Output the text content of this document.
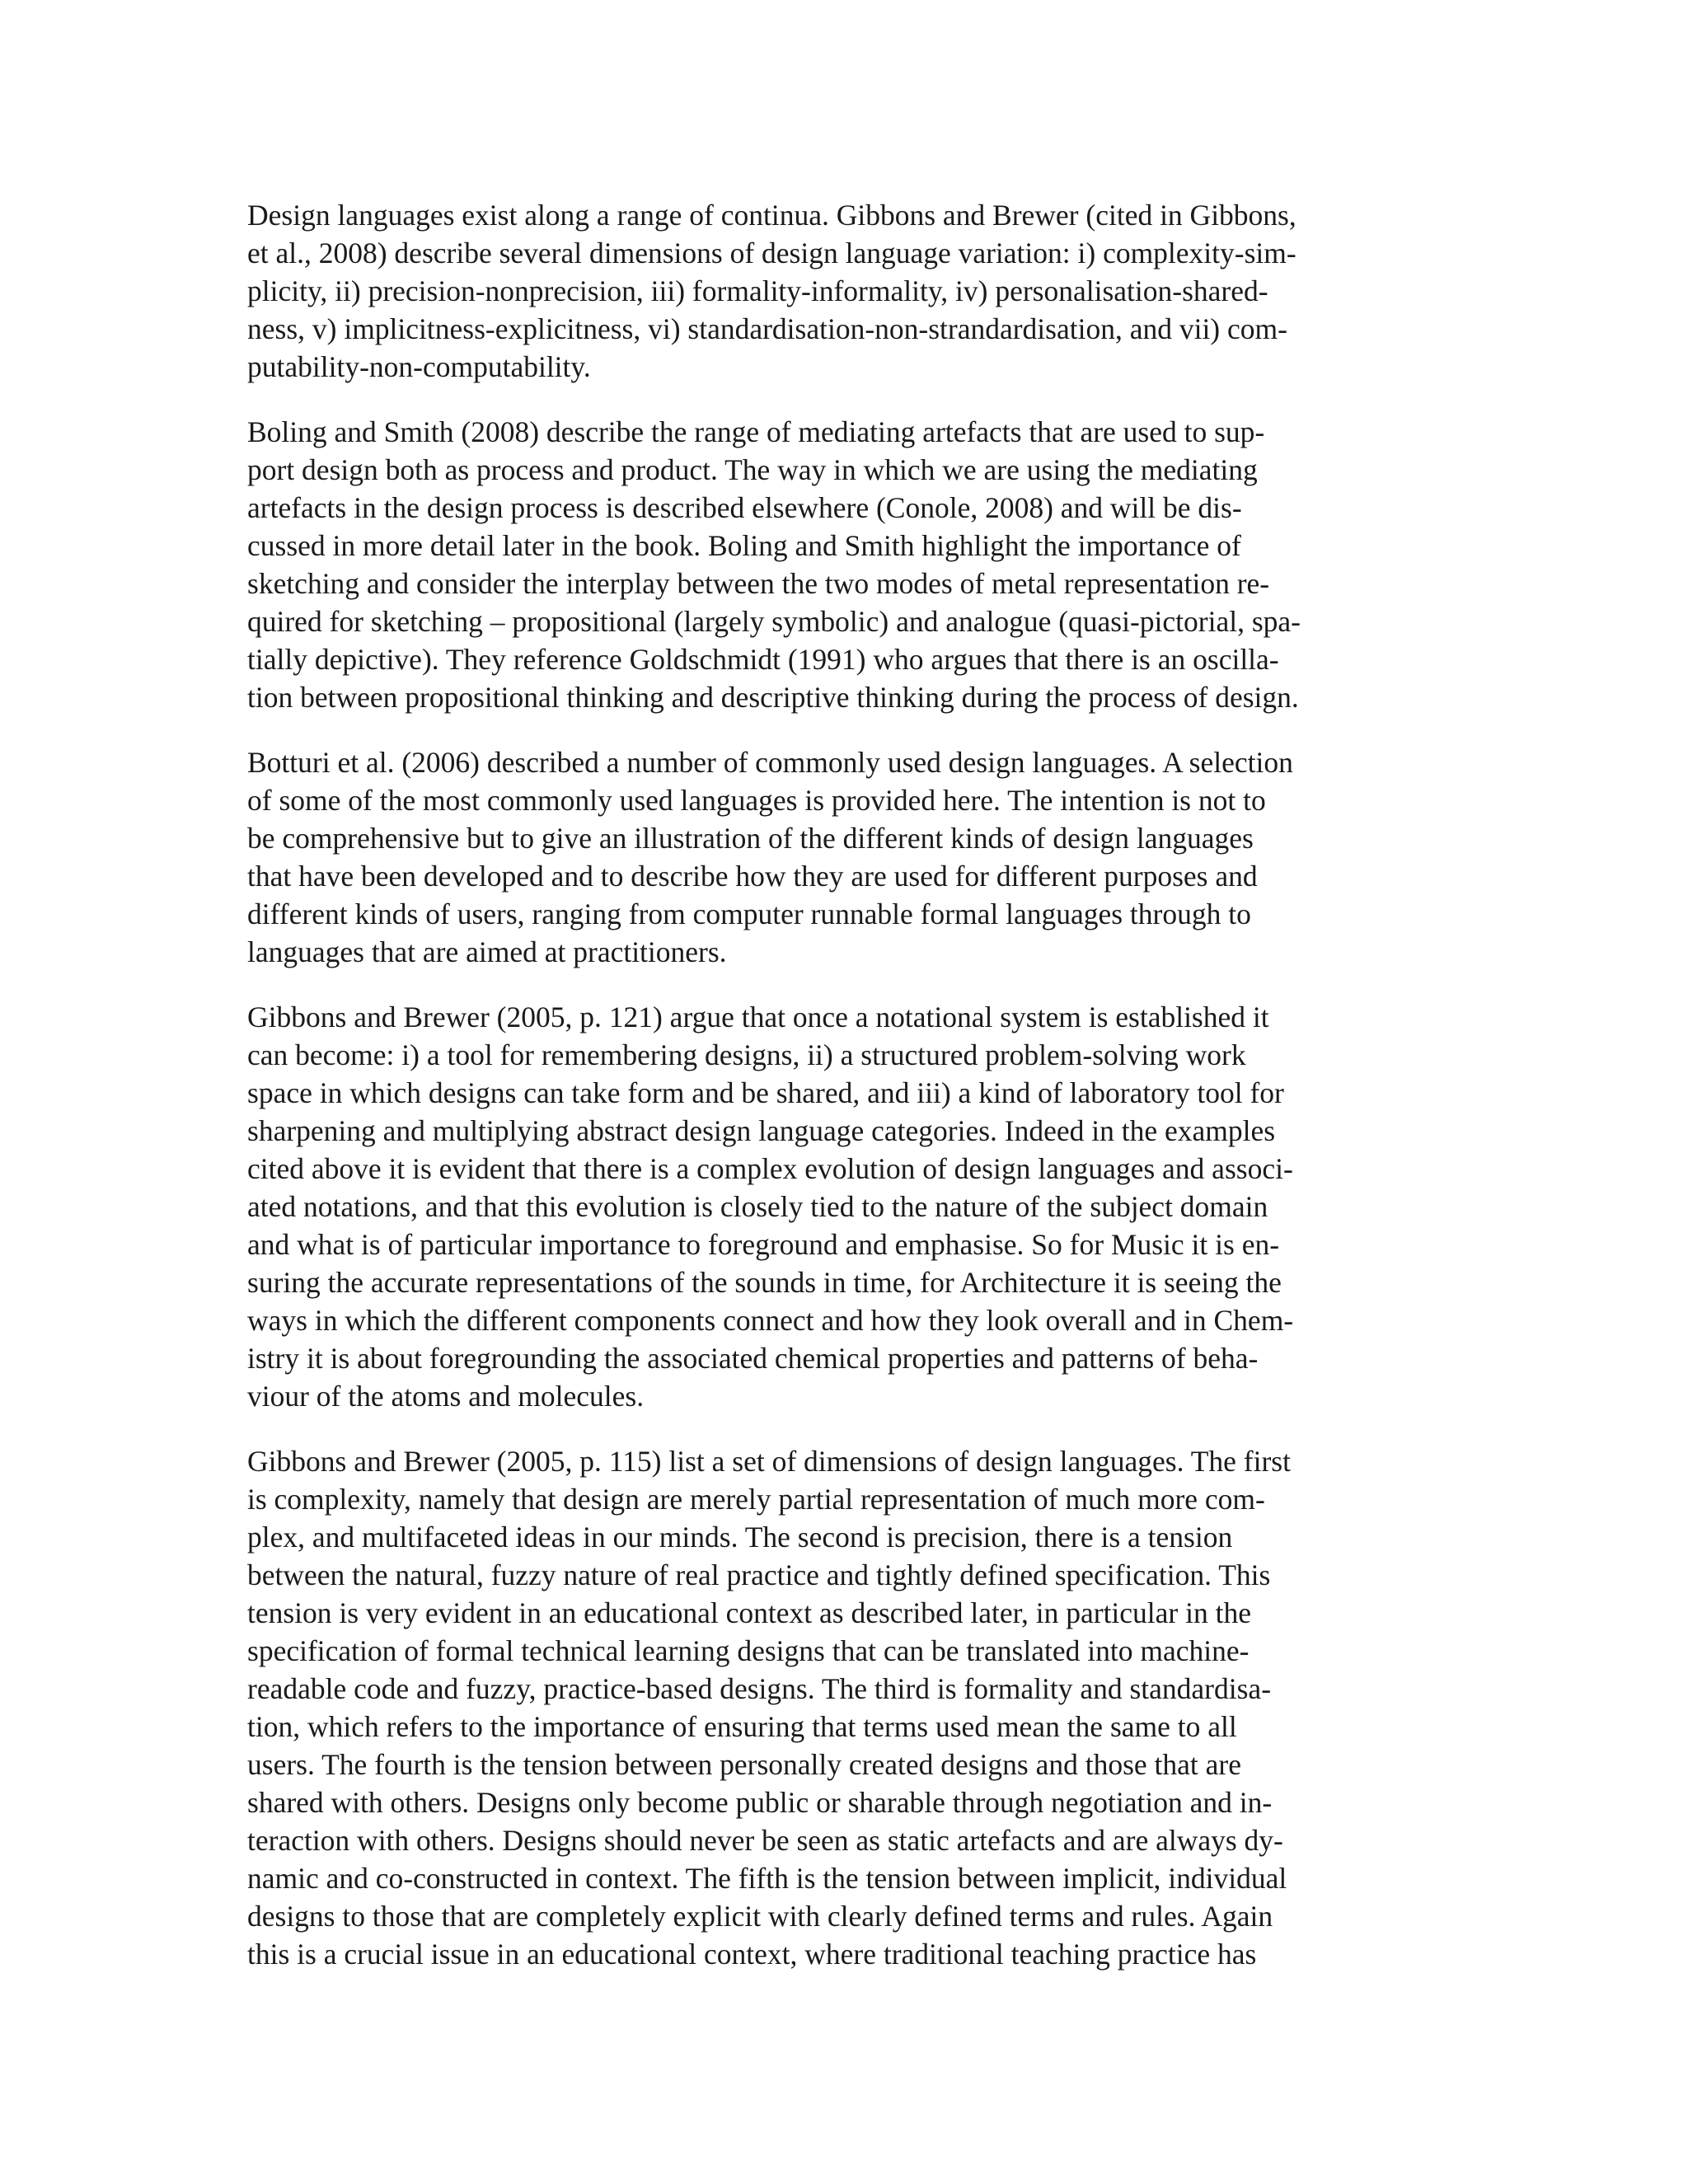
Design languages exist along a range of continua. Gibbons and Brewer (cited in Gibbons,
et al., 2008) describe several dimensions of design language variation: i) complexity-sim-
plicity, ii) precision-nonprecision, iii) formality-informality, iv) personalisation-shared-
ness, v) implicitness-explicitness, vi) standardisation-non-strandardisation, and vii) com-
putability-non-computability.

Boling and Smith (2008) describe the range of mediating artefacts that are used to sup-
port design both as process and product. The way in which we are using the mediating
artefacts in the design process is described elsewhere (Conole, 2008) and will be dis-
cussed in more detail later in the book. Boling and Smith highlight the importance of
sketching and consider the interplay between the two modes of metal representation re-
quired for sketching – propositional (largely symbolic) and analogue (quasi-pictorial, spa-
tially depictive). They reference Goldschmidt (1991) who argues that there is an oscilla-
tion between propositional thinking and descriptive thinking during the process of design.

Botturi et al. (2006) described a number of commonly used design languages. A selection
of some of the most commonly used languages is provided here. The intention is not to
be comprehensive but to give an illustration of the different kinds of design languages
that have been developed and to describe how they are used for different purposes and
different kinds of users, ranging from computer runnable formal languages through to
languages that are aimed at practitioners.

Gibbons and Brewer (2005, p. 121) argue that once a notational system is established it
can become: i) a tool for remembering designs, ii) a structured problem-solving work
space in which designs can take form and be shared, and iii) a kind of laboratory tool for
sharpening and multiplying abstract design language categories. Indeed in the examples
cited above it is evident that there is a complex evolution of design languages and associ-
ated notations, and that this evolution is closely tied to the nature of the subject domain
and what is of particular importance to foreground and emphasise. So for Music it is en-
suring the accurate representations of the sounds in time, for Architecture it is seeing the
ways in which the different components connect and how they look overall and in Chem-
istry it is about foregrounding the associated chemical properties and patterns of beha-
viour of the atoms and molecules.

Gibbons and Brewer (2005, p. 115) list a set of dimensions of design languages. The first
is complexity, namely that design are merely partial representation of much more com-
plex, and multifaceted ideas in our minds. The second is precision, there is a tension
between the natural, fuzzy nature of real practice and tightly defined specification. This
tension is very evident in an educational context as described later, in particular in the
specification of formal technical learning designs that can be translated into machine-
readable code and fuzzy, practice-based designs. The third is formality and standardisa-
tion, which refers to the importance of ensuring that terms used mean the same to all
users. The fourth is the tension between personally created designs and those that are
shared with others. Designs only become public or sharable through negotiation and in-
teraction with others. Designs should never be seen as static artefacts and are always dy-
namic and co-constructed in context. The fifth is the tension between implicit, individual
designs to those that are completely explicit with clearly defined terms and rules. Again
this is a crucial issue in an educational context, where traditional teaching practice has
